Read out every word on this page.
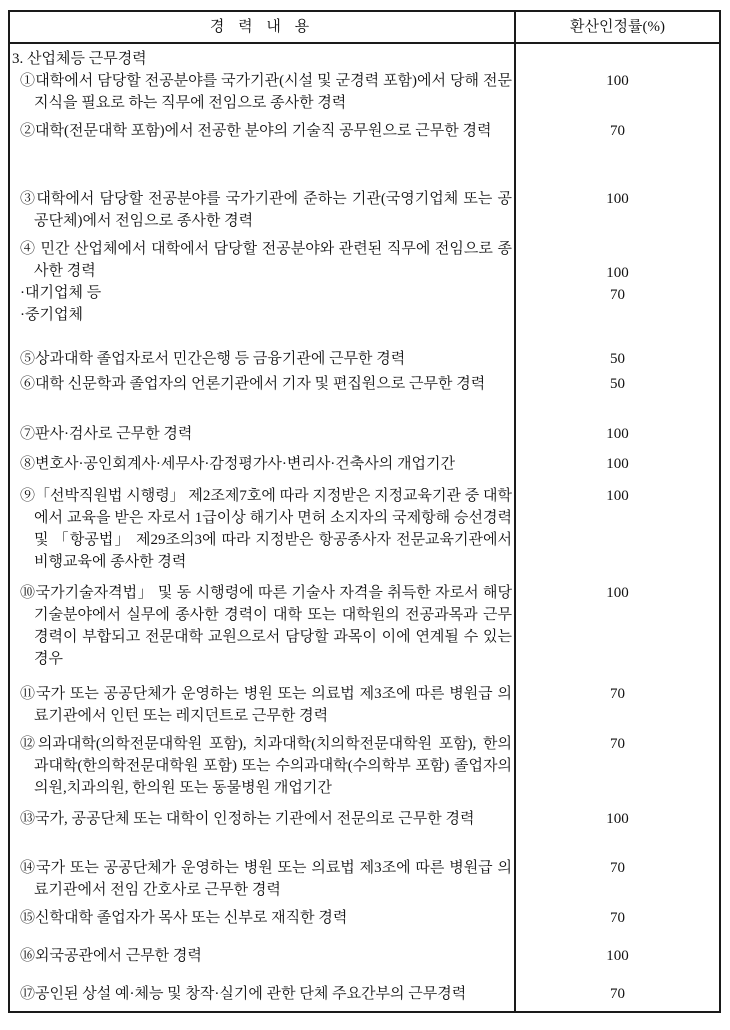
경 력 내 용	환산인정률(%)
3. 산업체등 근무경력
①대학에서 담당할 전공분야를 국가기관(시설 및 군경력 포함)에서 당해 전문지식을 필요로 하는 직무에 전임으로 종사한 경력
②대학(전문대학 포함)에서 전공한 분야의 기술직 공무원으로 근무한 경력
③대학에서 담당할 전공분야를 국가기관에 준하는 기관(국영기업체 또는 공공단체)에서 전임으로 종사한 경력
④ 민간 산업체에서 대학에서 담당할 전공분야와 관련된 직무에 전임으로 종사한 경력
·대기업체 등
·중기업체
⑤상과대학 졸업자로서 민간은행 등 금융기관에 근무한 경력
⑥대학 신문학과 졸업자의 언론기관에서 기자 및 편집원으로 근무한 경력
⑦판사·검사로 근무한 경력
⑧변호사·공인회계사·세무사·감정평가사·변리사·건축사의 개업기간
⑨「선박직원법 시행령」 제2조제7호에 따라 지정받은 지정교육기관 중 대학에서 교육을 받은 자로서 1급이상 해기사 면허 소지자의 국제항해 승선경력 및 「항공법」 제29조의3에 따라 지정받은 항공종사자 전문교육기관에서 비행교육에 종사한 경력
⑩국가기술자격법」 및 동 시행령에 따른 기술사 자격을 취득한 자로서 해당 기술분야에서 실무에 종사한 경력이 대학 또는 대학원의 전공과목과 근무경력이 부합되고 전문대학 교원으로서 담당할 과목이 이에 연계될 수 있는 경우
⑪국가 또는 공공단체가 운영하는 병원 또는 의료법 제3조에 따른 병원급 의료기관에서 인턴 또는 레지던트로 근무한 경력
⑫의과대학(의학전문대학원 포함), 치과대학(치의학전문대학원 포함), 한의과대학(한의학전문대학원 포함) 또는 수의과대학(수의학부 포함) 졸업자의 의원,치과의원, 한의원 또는 동물병원 개업기간
⑬국가, 공공단체 또는 대학이 인정하는 기관에서 전문의로 근무한 경력
⑭국가 또는 공공단체가 운영하는 병원 또는 의료법 제3조에 따른 병원급 의료기관에서 전임 간호사로 근무한 경력
⑮신학대학 졸업자가 목사 또는 신부로 재직한 경력
⑯외국공관에서 근무한 경력
⑰공인된 상설 예·체능 및 창작·실기에 관한 단체 주요간부의 근무경력
100
70
100
100
70
50
50
100
100
100
100
70
70
100
70
70
100
70
